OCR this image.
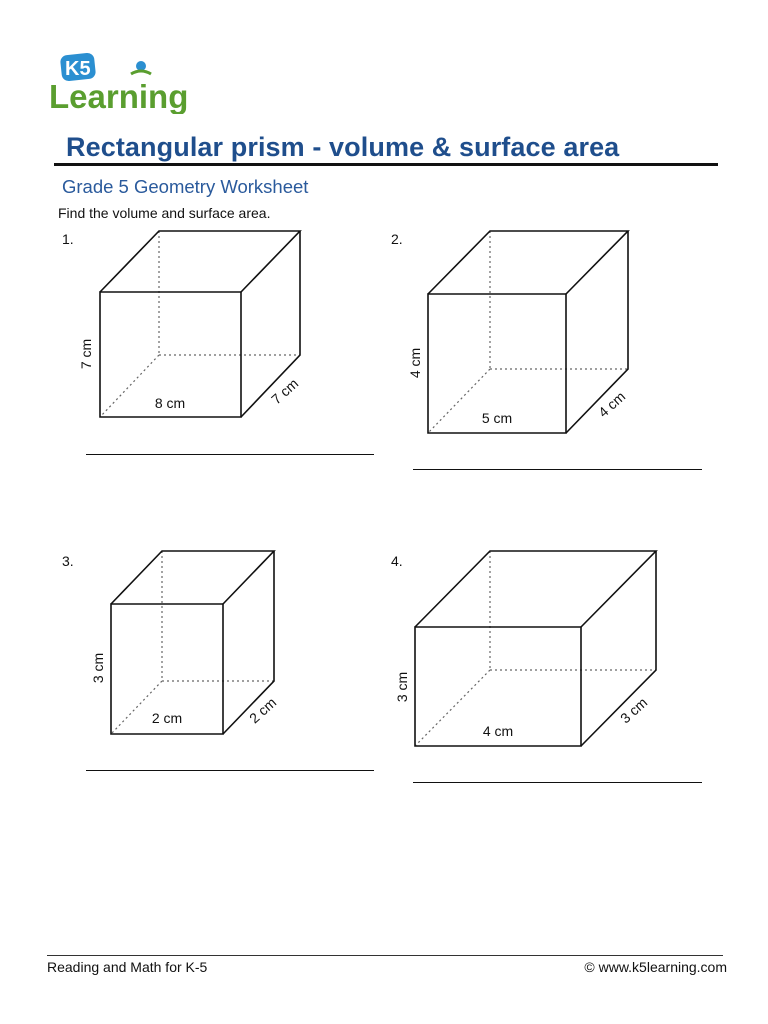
K5
Learning
Rectangular prism - volume & surface area
Grade 5 Geometry Worksheet
Find the volume and surface area.
1.
8 cm
7 cm
7 cm
2.
5 cm
4 cm
4 cm
3.
2 cm
3 cm
2 cm
4.
4 cm
3 cm
3 cm
Reading and Math for K-5	© www.k5learning.com
